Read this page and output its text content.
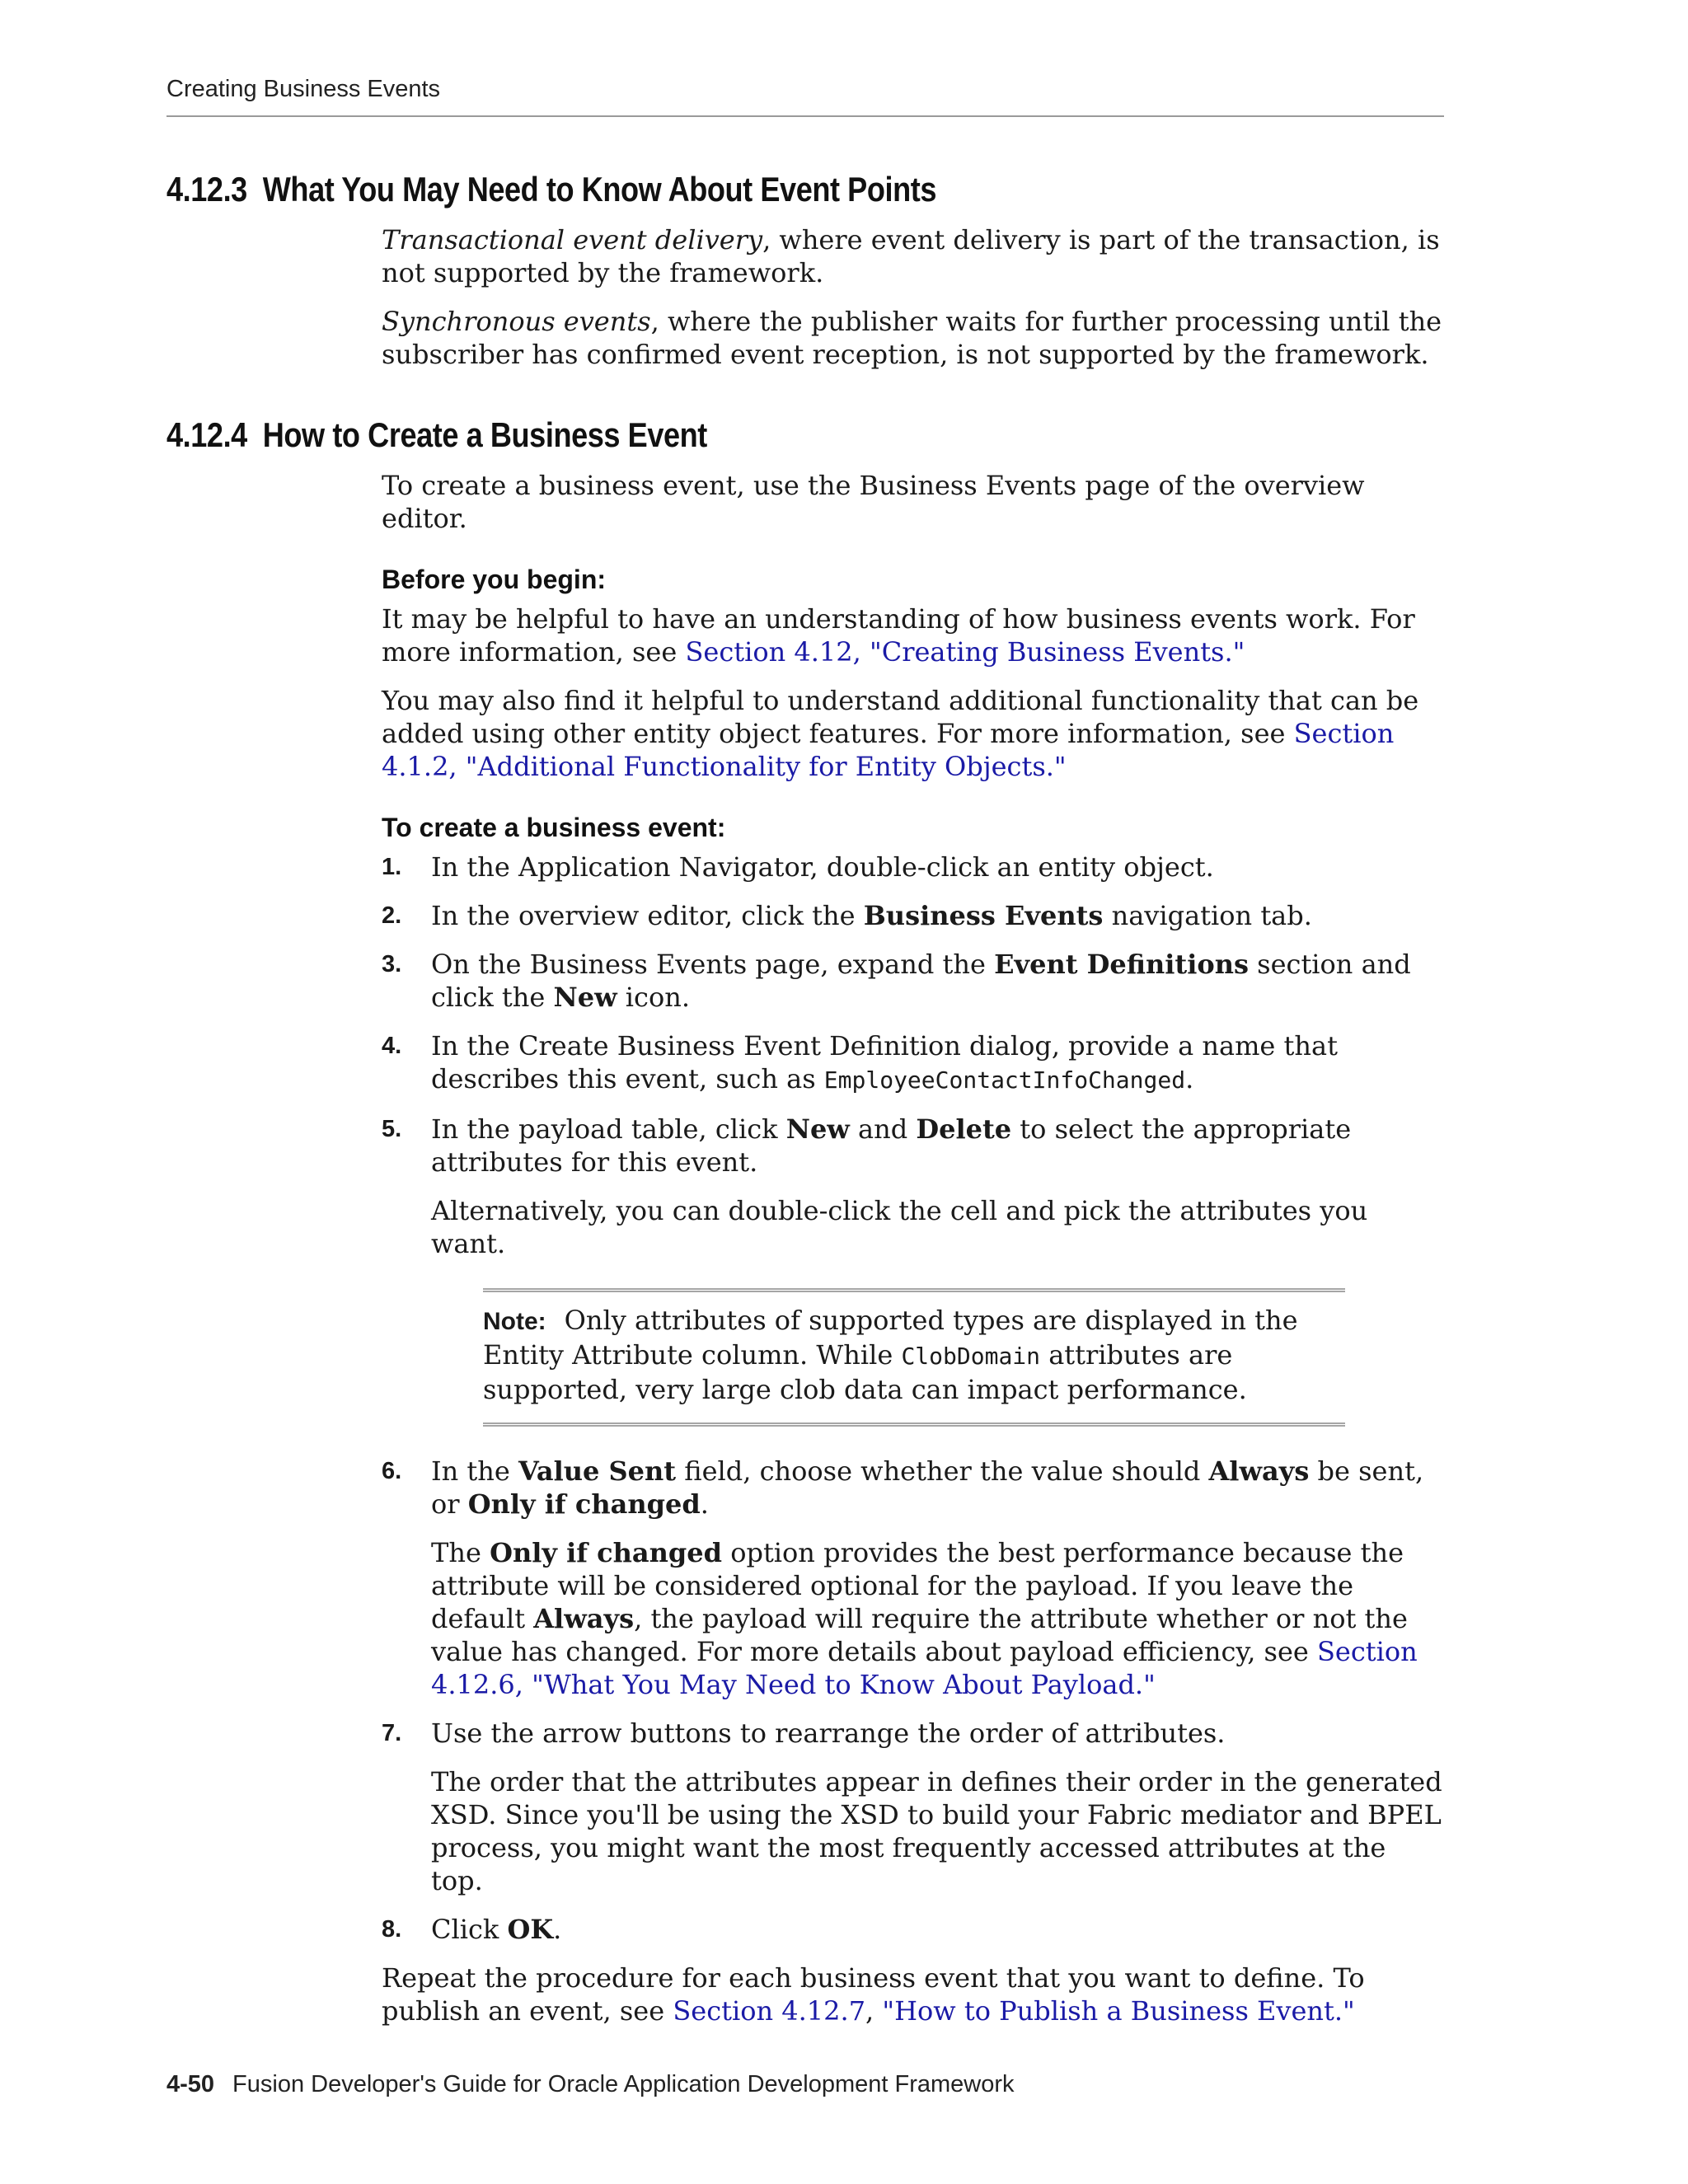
Creating Business Events
4.12.3 What You May Need to Know About Event Points

Transactional event delivery, where event delivery is part of the transaction, is not supported by the framework.

Synchronous events, where the publisher waits for further processing until the subscriber has confirmed event reception, is not supported by the framework.

4.12.4 How to Create a Business Event

To create a business event, use the Business Events page of the overview editor.

Before you begin:

It may be helpful to have an understanding of how business events work. For more information, see Section 4.12, "Creating Business Events."

You may also find it helpful to understand additional functionality that can be added using other entity object features. For more information, see Section 4.1.2, "Additional Functionality for Entity Objects."

To create a business event:
1. In the Application Navigator, double-click an entity object.

2. In the overview editor, click the Business Events navigation tab.

3. On the Business Events page, expand the Event Definitions section and click the New icon.

4. In the Create Business Event Definition dialog, provide a name that describes this event, such as EmployeeContactInfoChanged.

5. In the payload table, click New and Delete to select the appropriate attributes for this event.

Alternatively, you can double-click the cell and pick the attributes you want.

Note: Only attributes of supported types are displayed in the Entity Attribute column. While ClobDomain attributes are supported, very large clob data can impact performance.

6. In the Value Sent field, choose whether the value should Always be sent, or Only if changed.

The Only if changed option provides the best performance because the attribute will be considered optional for the payload. If you leave the default Always, the payload will require the attribute whether or not the value has changed. For more details about payload efficiency, see Section 4.12.6, "What You May Need to Know About Payload."

7. Use the arrow buttons to rearrange the order of attributes.

The order that the attributes appear in defines their order in the generated XSD. Since you'll be using the XSD to build your Fabric mediator and BPEL process, you might want the most frequently accessed attributes at the top.

8. Click OK.

Repeat the procedure for each business event that you want to define. To publish an event, see Section 4.12.7, "How to Publish a Business Event."

4-50 Fusion Developer's Guide for Oracle Application Development Framework
